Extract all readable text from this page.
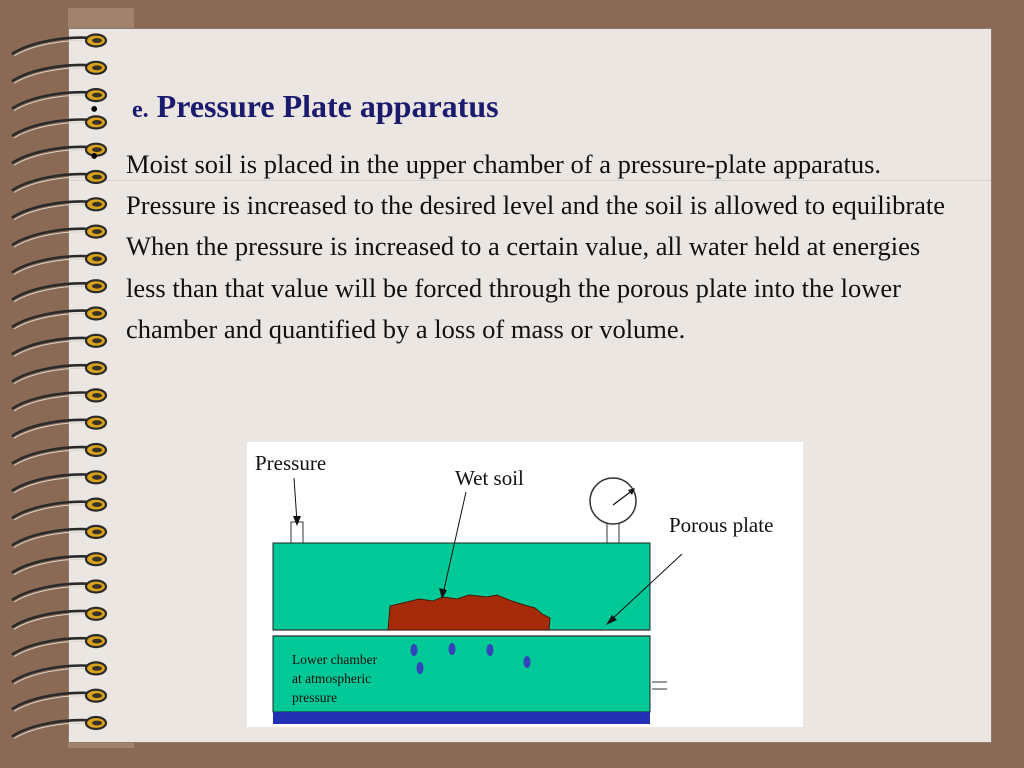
•	e. Pressure Plate apparatus
• Moist soil is placed in the upper chamber of a pressure-plate apparatus. Pressure is increased to the desired level and the soil is allowed to equilibrate

When the pressure is increased to a certain value, all water held at energies less than that value will be forced through the porous plate into the lower chamber and quantified by a loss of mass or volume.

Pressure
Wet soil
Porous plate
Lower chamber at atmospheric pressure
